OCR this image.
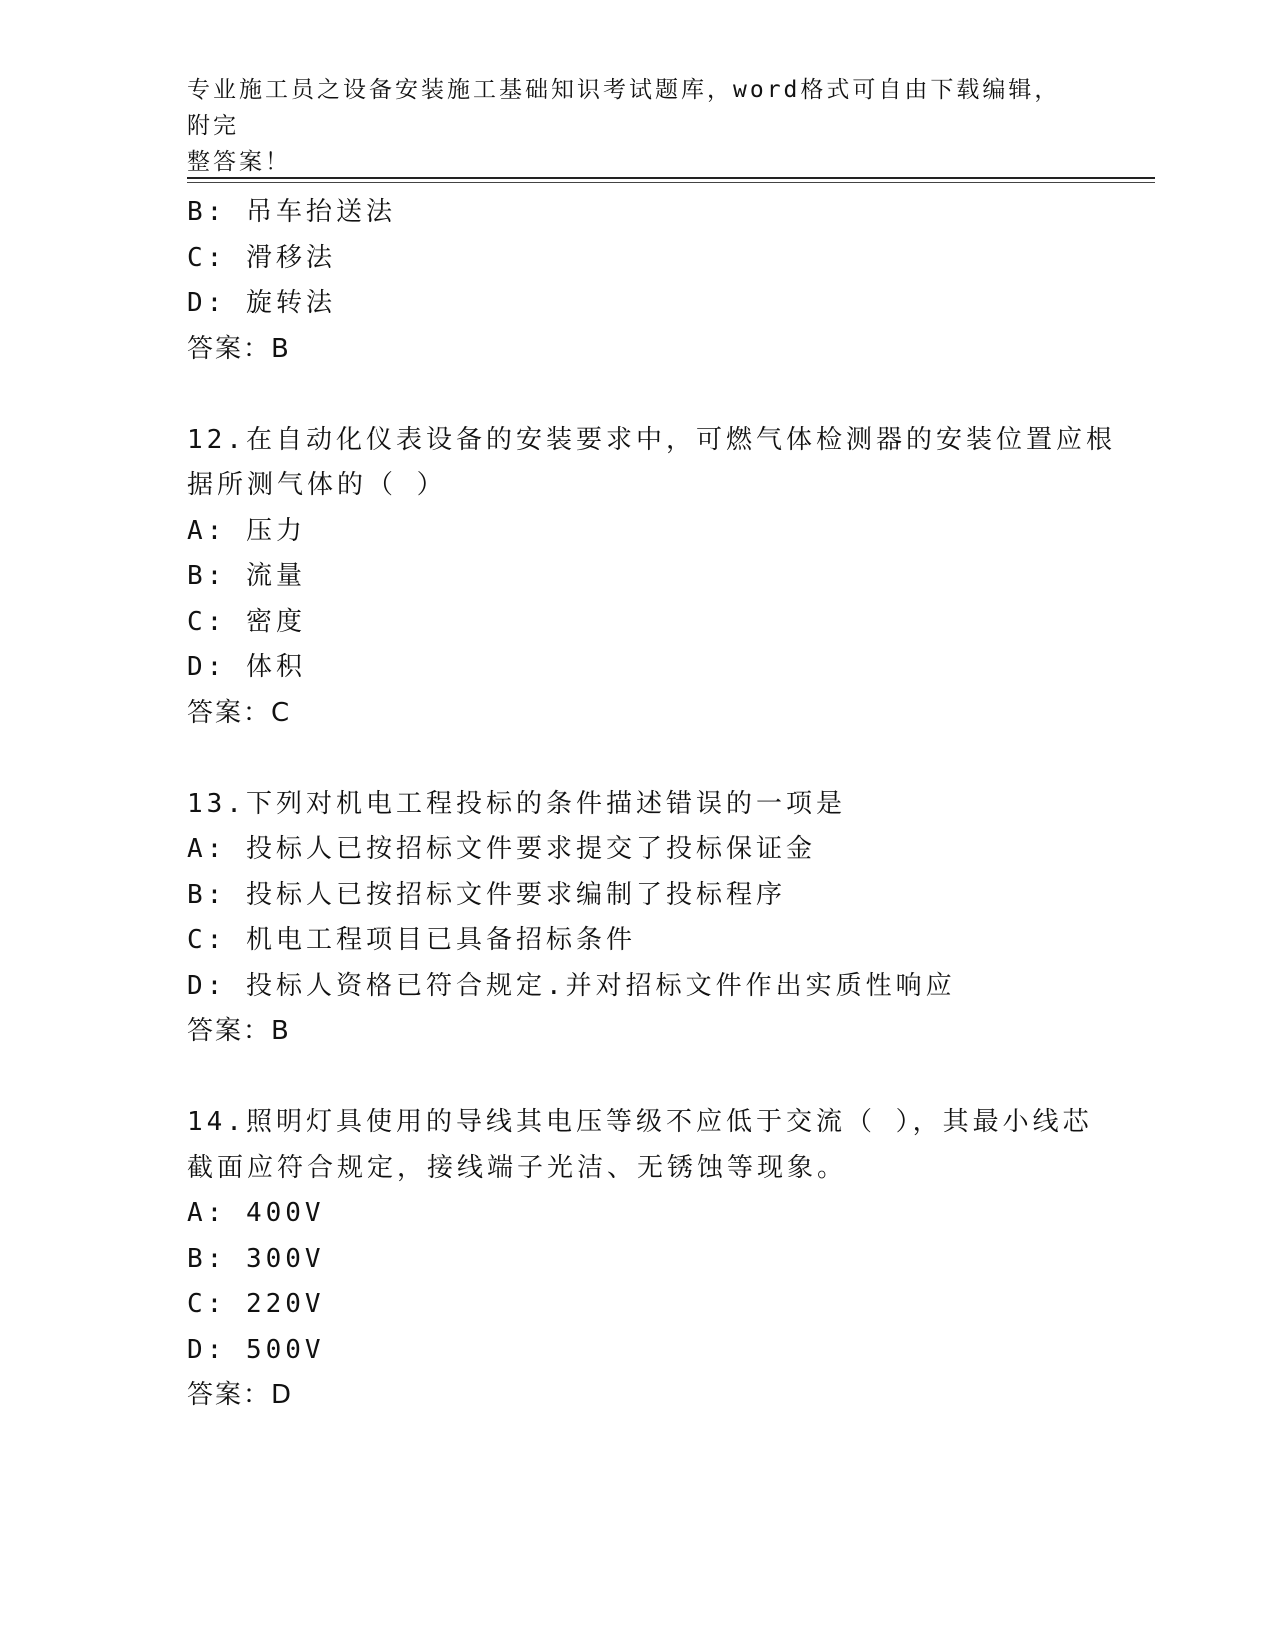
专业施工员之设备安装施工基础知识考试题库，word格式可自由下载编辑，附完
整答案！
B: 吊车抬送法
C: 滑移法
D: 旋转法
答案：B
12.在自动化仪表设备的安装要求中，可燃气体检测器的安装位置应根
据所测气体的（ ）
A: 压力
B: 流量
C: 密度
D: 体积
答案：C
13.下列对机电工程投标的条件描述错误的一项是
A: 投标人已按招标文件要求提交了投标保证金
B: 投标人已按招标文件要求编制了投标程序
C: 机电工程项目已具备招标条件
D: 投标人资格已符合规定.并对招标文件作出实质性响应
答案：B
14.照明灯具使用的导线其电压等级不应低于交流（ ），其最小线芯
截面应符合规定，接线端子光洁、无锈蚀等现象。
A: 400V
B: 300V
C: 220V
D: 500V
答案：D
